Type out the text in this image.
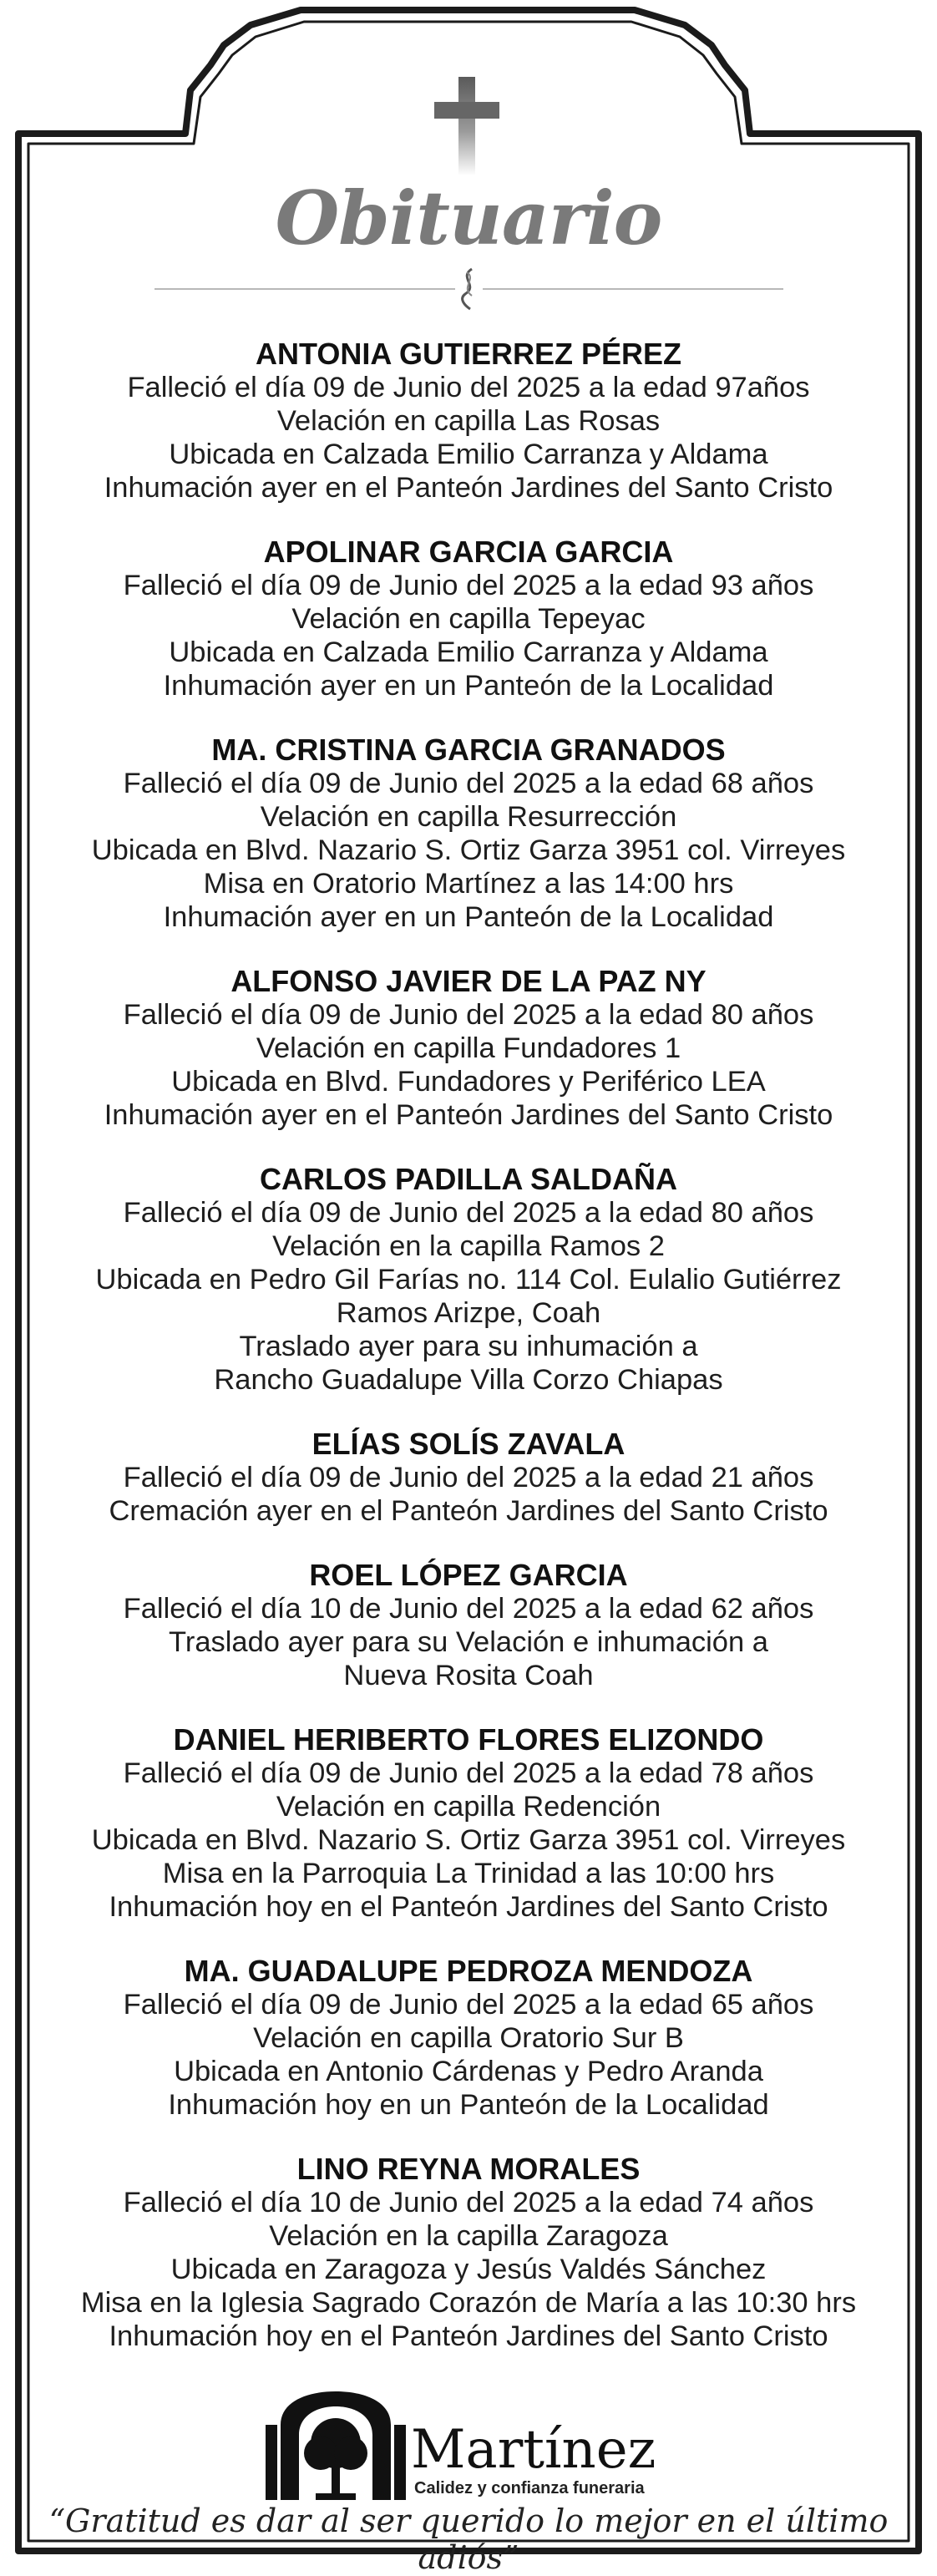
Obituario
ANTONIA GUTIERREZ PÉREZ
Falleció el día 09 de Junio del 2025 a la edad 97años
Velación en capilla Las Rosas
Ubicada en Calzada Emilio Carranza y Aldama
Inhumación ayer en el Panteón Jardines del Santo Cristo
APOLINAR GARCIA GARCIA
Falleció el día 09 de Junio del 2025 a la edad 93 años
Velación en capilla Tepeyac
Ubicada en Calzada Emilio Carranza y Aldama
Inhumación ayer en un Panteón de la Localidad
MA. CRISTINA GARCIA GRANADOS
Falleció el día 09 de Junio del 2025 a la edad 68 años
Velación en capilla Resurrección
Ubicada en Blvd. Nazario S. Ortiz Garza 3951 col. Virreyes
Misa en Oratorio Martínez a las 14:00 hrs
Inhumación ayer en un Panteón de la Localidad
ALFONSO JAVIER DE LA PAZ NY
Falleció el día 09 de Junio del 2025 a la edad 80 años
Velación en capilla Fundadores 1
Ubicada en Blvd. Fundadores y Periférico LEA
Inhumación ayer en el Panteón Jardines del Santo Cristo
CARLOS PADILLA SALDAÑA
Falleció el día 09 de Junio del 2025 a la edad 80 años
Velación en la capilla Ramos 2
Ubicada en Pedro Gil Farías no. 114 Col. Eulalio Gutiérrez
Ramos Arizpe, Coah
Traslado ayer para su inhumación a
Rancho Guadalupe Villa Corzo Chiapas
ELÍAS SOLÍS ZAVALA
Falleció el día 09 de Junio del 2025 a la edad 21 años
Cremación ayer en el Panteón Jardines del Santo Cristo
ROEL LÓPEZ GARCIA
Falleció el día 10 de Junio del 2025 a la edad 62 años
Traslado ayer para su Velación e inhumación a
Nueva Rosita Coah
DANIEL HERIBERTO FLORES ELIZONDO
Falleció el día 09 de Junio del 2025 a la edad 78 años
Velación en capilla Redención
Ubicada en Blvd. Nazario S. Ortiz Garza 3951 col. Virreyes
Misa en la Parroquia La Trinidad a las 10:00 hrs
Inhumación hoy en el Panteón Jardines del Santo Cristo
MA. GUADALUPE PEDROZA MENDOZA
Falleció el día 09 de Junio del 2025 a la edad 65 años
Velación en capilla Oratorio Sur B
Ubicada en Antonio Cárdenas y Pedro Aranda
Inhumación hoy en un Panteón de la Localidad
LINO REYNA MORALES
Falleció el día 10 de Junio del 2025 a la edad 74 años
Velación en la capilla Zaragoza
Ubicada en Zaragoza y Jesús Valdés Sánchez
Misa en la Iglesia Sagrado Corazón de María a las 10:30 hrs
Inhumación hoy en el Panteón Jardines del Santo Cristo
Martínez
Calidez y confianza funeraria
“Gratitud es dar al ser querido lo mejor en el último adiós”
